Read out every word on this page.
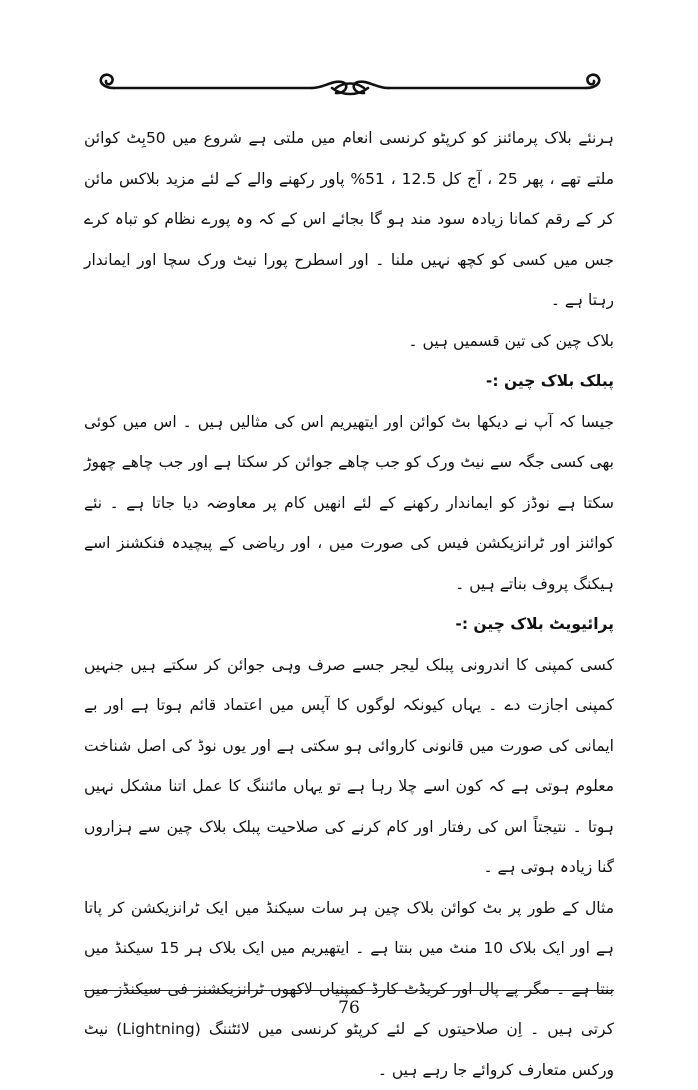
ہرنئے بلاک پرمائنز کو کرپٹو کرنسی انعام میں ملتی ہے شروع میں 50بِٹ کوائن ملتے تھے ، پھر 25 ، آج کل 12.5 ، 51% پاور رکھنے والے کے لئے مزید بلاکس مائن کر کے رقم کمانا زیادہ سود مند ہو گا بجائے اس کے کہ وہ پورے نظام کو تباہ کرے جس میں کسی کو کچھ نہیں ملنا ۔ اور اسطرح پورا نیٹ ورک سچا اور ایماندار رہتا ہے ۔

بلاک چین کی تین قسمیں ہیں ۔

پبلک بلاک چین :-

جیسا کہ آپ نے دیکھا بٹ کوائن اور ایتھیریم اس کی مثالیں ہیں ۔ اس میں کوئی بھی کسی جگہ سے نیٹ ورک کو جب چاھے جوائن کر سکتا ہے اور جب چاھے چھوڑ سکتا ہے نوڈز کو ایماندار رکھنے کے لئے انھیں کام پر معاوضہ دیا جاتا ہے ۔ نئے کوائنز اور ٹرانزیکشن فیس کی صورت میں ، اور ریاضی کے پیچیدہ فنکشنز اسے ہیکنگ پروف بناتے ہیں ۔

پرائیویٹ بلاک چین :-

کسی کمپنی کا اندرونی پبلک لیجر جسے صرف وہی جوائن کر سکتے ہیں جنہیں کمپنی اجازت دے ۔ یہاں کیونکہ لوگوں کا آپس میں اعتماد قائم ہوتا ہے اور بے ایمانی کی صورت میں قانونی کاروائی ہو سکتی ہے اور یوں نوڈ کی اصل شناخت معلوم ہوتی ہے کہ کون اسے چلا رہا ہے تو یہاں مائننگ کا عمل اتنا مشکل نہیں ہوتا ۔ نتیجتاً اس کی رفتار اور کام کرنے کی صلاحیت پبلک بلاک چین سے ہزاروں گنا زیادہ ہوتی ہے ۔

مثال کے طور پر بٹ کوائن بلاک چین ہر سات سیکنڈ میں ایک ٹرانزیکشن کر پاتا ہے اور ایک بلاک 10 منٹ میں بنتا ہے ۔ ایتھیریم میں ایک بلاک ہر 15 سیکنڈ میں بنتا ہے ۔ مگر پے پال اور کریڈٹ کارڈ کمپنیاں لاکھوں ٹرانزیکشنز فی سیکنڈز میں کرتی ہیں ۔ اِن صلاحیتوں کے لئے کرپٹو کرنسی میں لائٹننگ (Lightning) نیٹ ورکس متعارف کروائے جا رہے ہیں ۔

76
